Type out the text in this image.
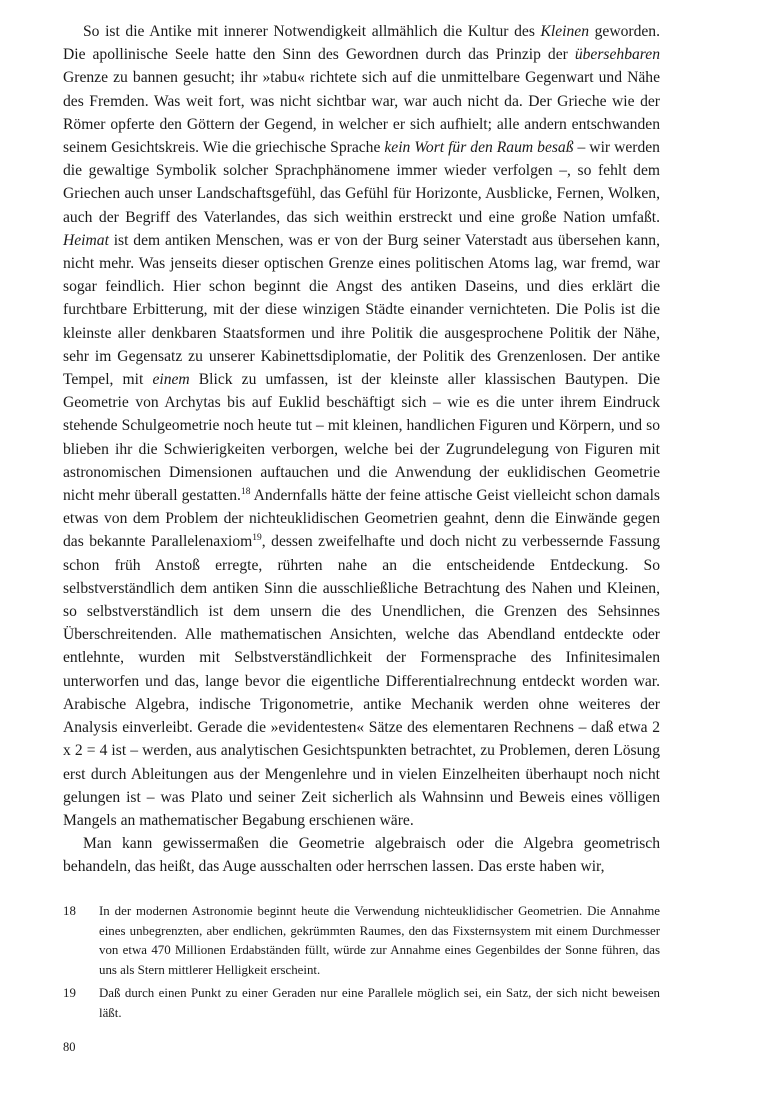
So ist die Antike mit innerer Notwendigkeit allmählich die Kultur des Kleinen geworden. Die apollinische Seele hatte den Sinn des Gewordnen durch das Prinzip der übersehbaren Grenze zu bannen gesucht; ihr »tabu« richtete sich auf die unmittelbare Gegenwart und Nähe des Fremden. Was weit fort, was nicht sichtbar war, war auch nicht da. Der Grieche wie der Römer opferte den Göttern der Gegend, in welcher er sich aufhielt; alle andern entschwanden seinem Gesichtskreis. Wie die griechische Sprache kein Wort für den Raum besaß – wir werden die gewaltige Symbolik solcher Sprachphänomene immer wieder verfolgen –, so fehlt dem Griechen auch unser Landschaftsgefühl, das Gefühl für Horizonte, Ausblicke, Fernen, Wolken, auch der Begriff des Vaterlandes, das sich weithin erstreckt und eine große Nation umfaßt. Heimat ist dem antiken Menschen, was er von der Burg seiner Vaterstadt aus übersehen kann, nicht mehr. Was jenseits dieser optischen Grenze eines politischen Atoms lag, war fremd, war sogar feindlich. Hier schon beginnt die Angst des antiken Daseins, und dies erklärt die furchtbare Erbitterung, mit der diese winzigen Städte einander vernichteten. Die Polis ist die kleinste aller denkbaren Staatsformen und ihre Politik die ausgesprochene Politik der Nähe, sehr im Gegensatz zu unserer Kabinettsdiplomatie, der Politik des Grenzenlosen. Der antike Tempel, mit einem Blick zu umfassen, ist der kleinste aller klassischen Bautypen. Die Geometrie von Archytas bis auf Euklid beschäftigt sich – wie es die unter ihrem Eindruck stehende Schulgeometrie noch heute tut – mit kleinen, handlichen Figuren und Körpern, und so blieben ihr die Schwierigkeiten verborgen, welche bei der Zugrundelegung von Figuren mit astronomischen Dimensionen auftauchen und die Anwendung der euklidischen Geometrie nicht mehr überall gestatten.$^{18}$ Andernfalls hätte der feine attische Geist vielleicht schon damals etwas von dem Problem der nichteuklidischen Geometrien geahnt, denn die Einwände gegen das bekannte Parallelenaxiom$^{19}$, dessen zweifelhafte und doch nicht zu verbessernde Fassung schon früh Anstoß erregte, rührten nahe an die entscheidende Entdeckung. So selbstverständlich dem antiken Sinn die ausschließliche Betrachtung des Nahen und Kleinen, so selbstverständlich ist dem unsern die des Unendlichen, die Grenzen des Sehsinnes Überschreitenden. Alle mathematischen Ansichten, welche das Abendland entdeckte oder entlehnte, wurden mit Selbstverständlichkeit der Formensprache des Infinitesimalen unterworfen und das, lange bevor die eigentliche Differentialrechnung entdeckt worden war. Arabische Algebra, indische Trigonometrie, antike Mechanik werden ohne weiteres der Analysis einverleibt. Gerade die »evidentesten« Sätze des elementaren Rechnens – daß etwa 2 x 2 = 4 ist – werden, aus analytischen Gesichtspunkten betrachtet, zu Problemen, deren Lösung erst durch Ableitungen aus der Mengenlehre und in vielen Einzelheiten überhaupt noch nicht gelungen ist – was Plato und seiner Zeit sicherlich als Wahnsinn und Beweis eines völligen Mangels an mathematischer Begabung erschienen wäre.

Man kann gewissermaßen die Geometrie algebraisch oder die Algebra geometrisch behandeln, das heißt, das Auge ausschalten oder herrschen lassen. Das erste haben wir,

18 In der modernen Astronomie beginnt heute die Verwendung nichteuklidischer Geometrien. Die Annahme eines unbegrenzten, aber endlichen, gekrümmten Raumes, den das Fixsternsystem mit einem Durchmesser von etwa 470 Millionen Erdabständen füllt, würde zur Annahme eines Gegenbildes der Sonne führen, das uns als Stern mittlerer Helligkeit erscheint.
19 Daß durch einen Punkt zu einer Geraden nur eine Parallele möglich sei, ein Satz, der sich nicht beweisen läßt.
80
